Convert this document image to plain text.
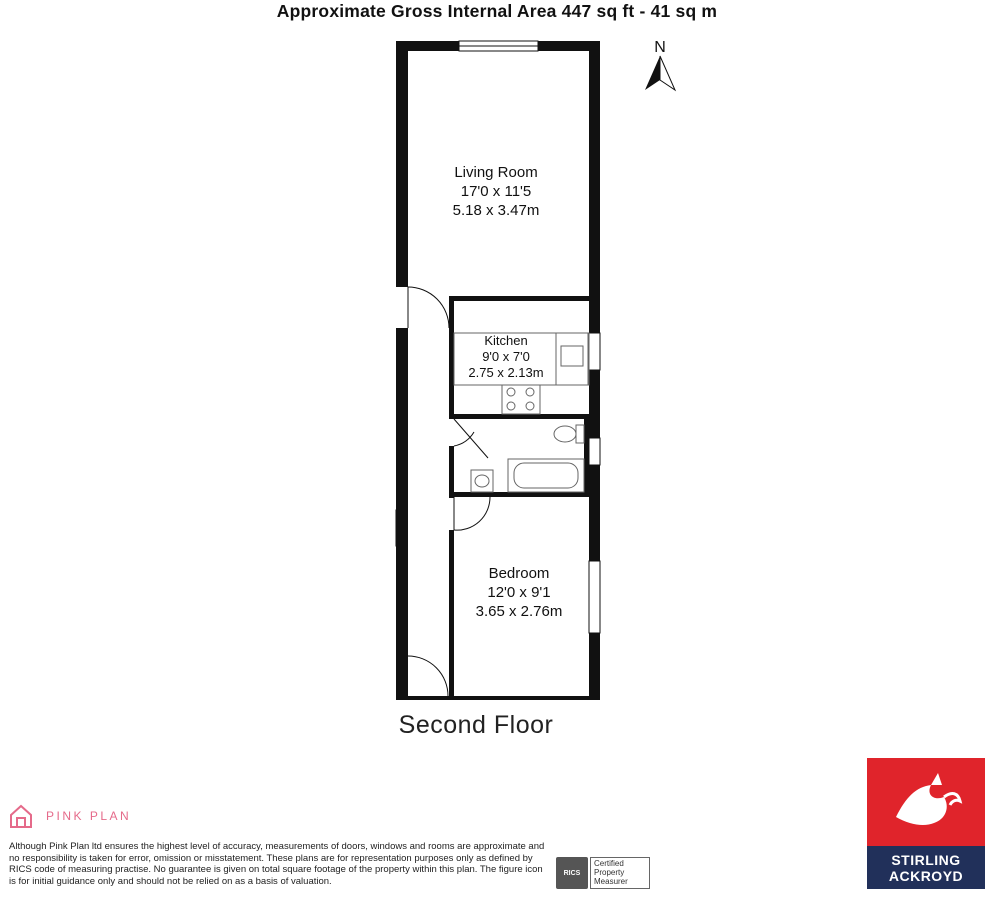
Approximate Gross Internal Area 447 sq ft - 41 sq m
N
Living Room
17'0 x 11'5
5.18 x 3.47m
Kitchen
9'0 x 7'0
2.75 x 2.13m
Bedroom
12'0 x 9'1
3.65 x 2.76m
Second Floor
PINK PLAN
Although Pink Plan ltd ensures the highest level of accuracy, measurements of doors, windows and rooms are approximate and no responsibility is taken for error, omission or misstatement. These plans are for representation purposes only as defined by RICS code of measuring practise. No guarantee is given on total square footage of the property within this plan. The figure icon is for initial guidance only and should not be relied on as a basis of valuation.
RICS
Certified
Property
Measurer
STIRLING
ACKROYD
